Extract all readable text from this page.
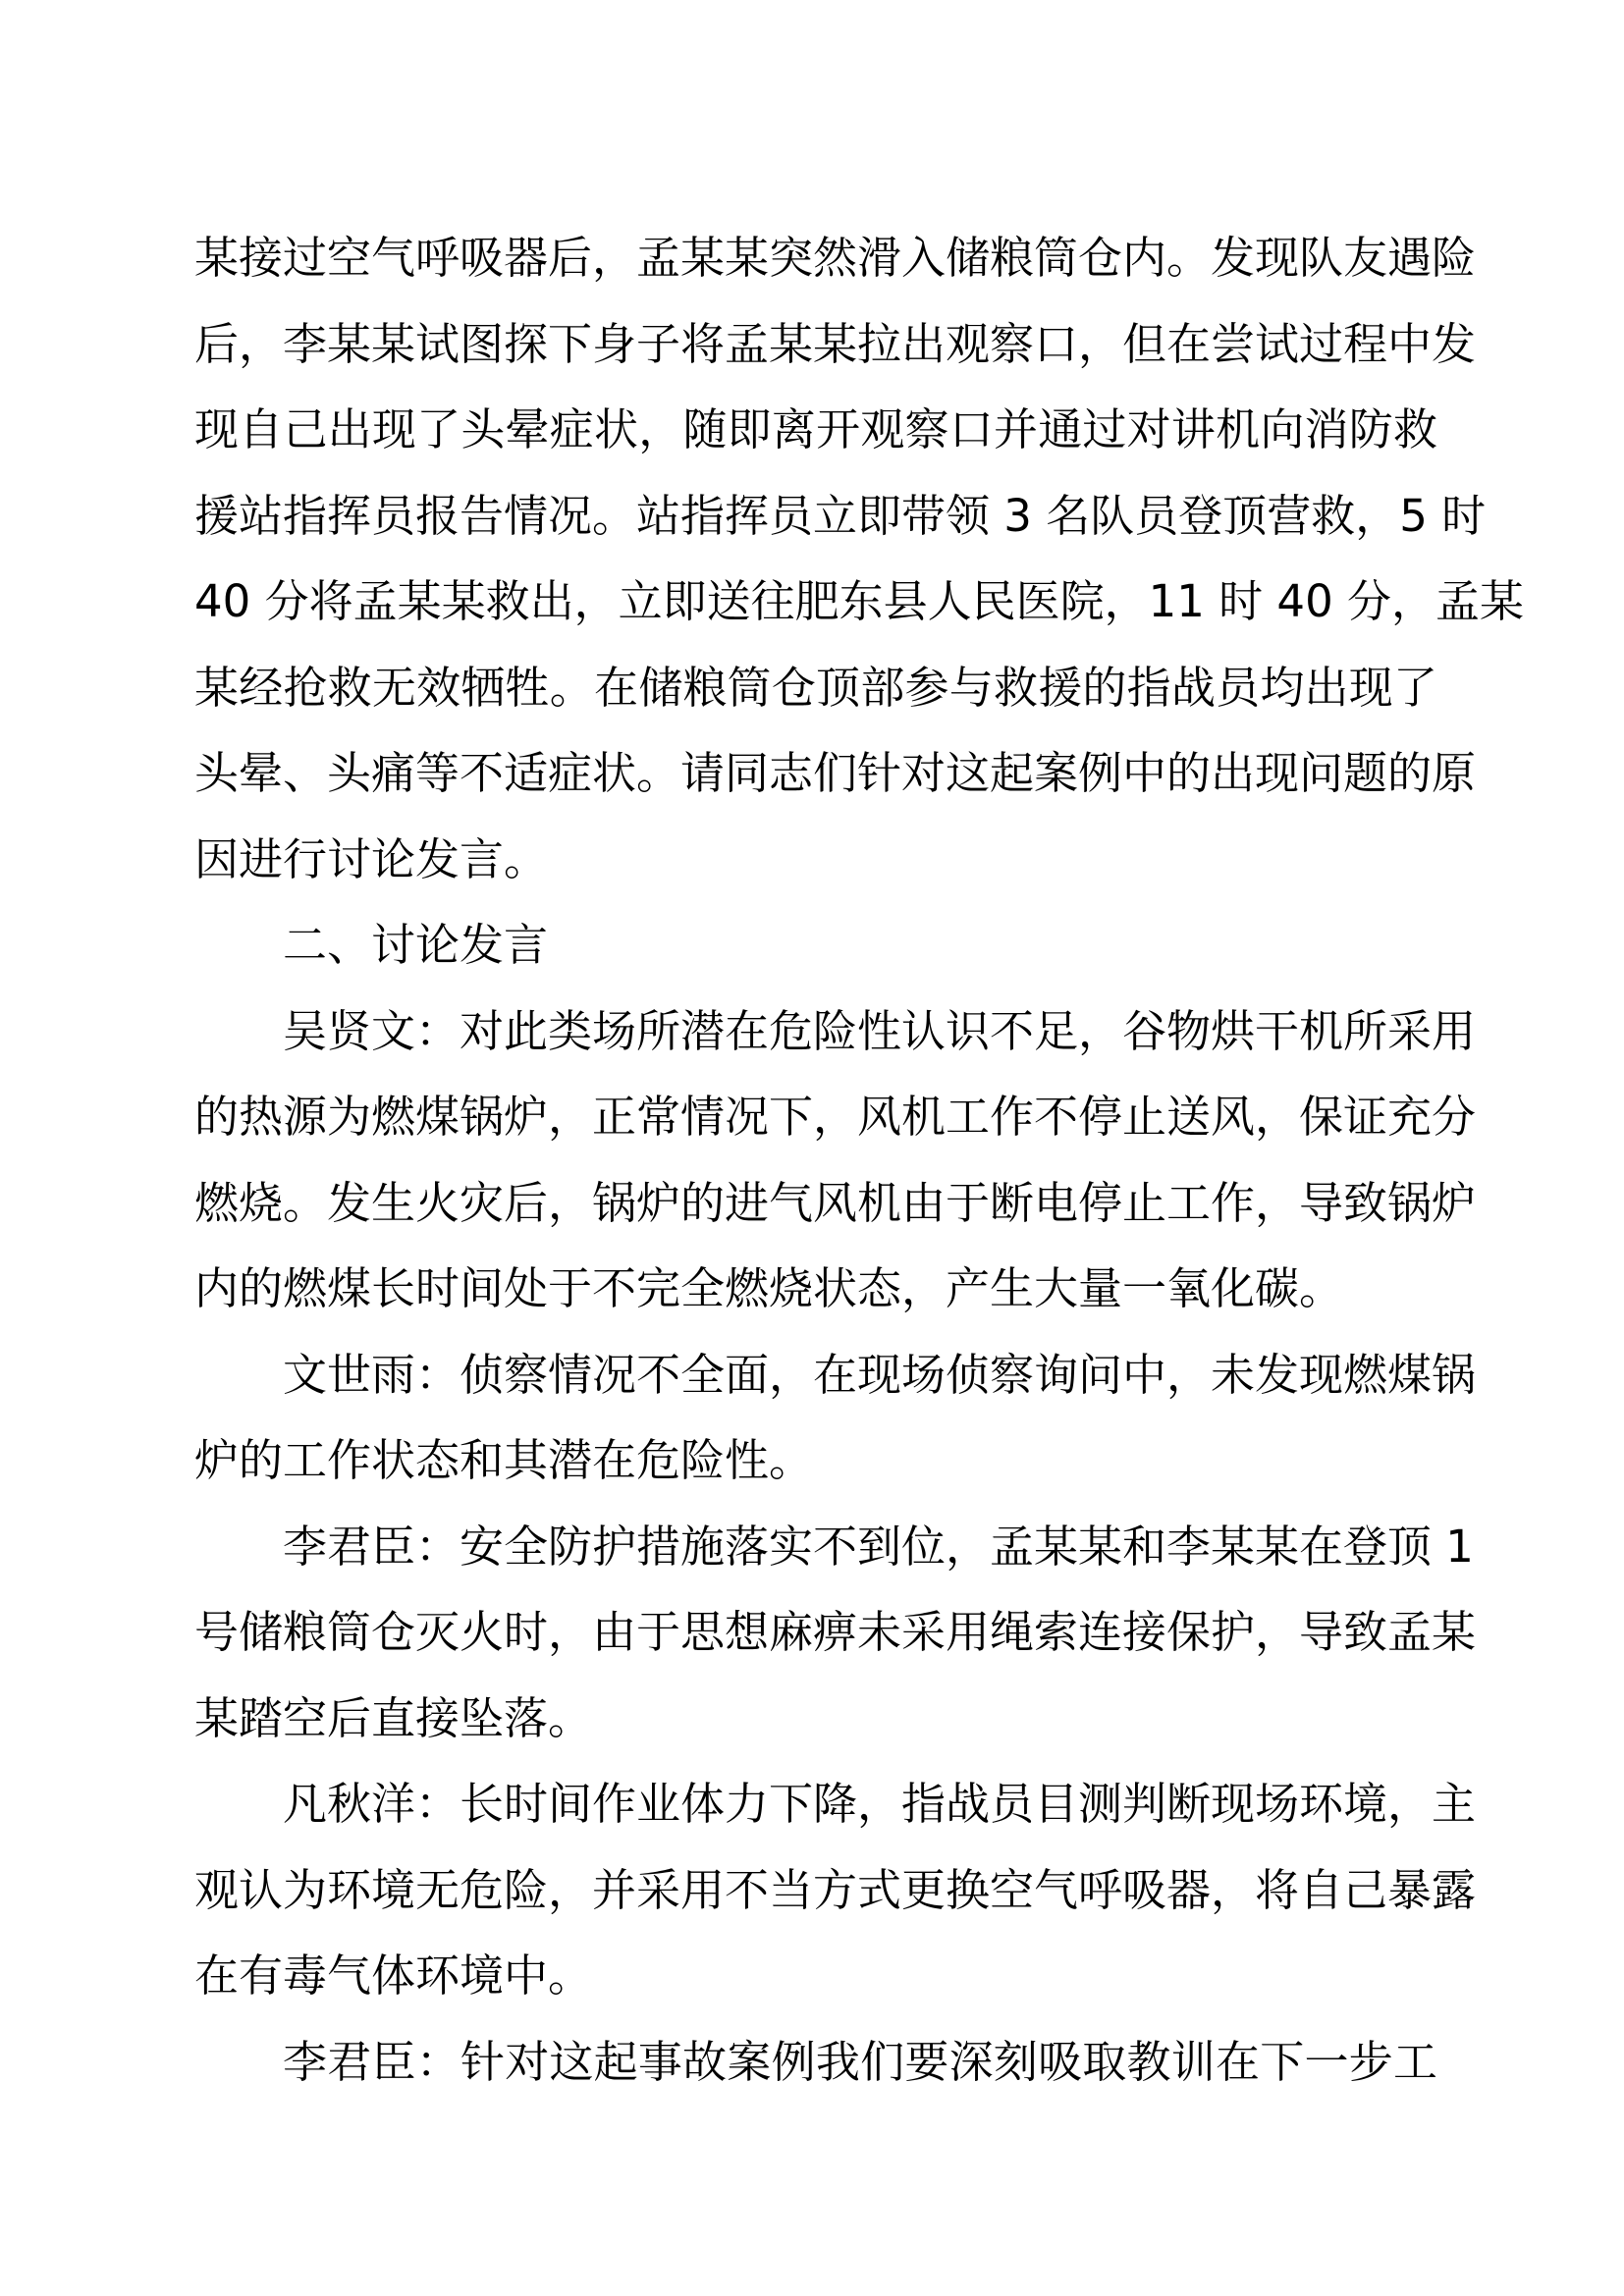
某接过空气呼吸器后，孟某某突然滑入储粮筒仓内。发现队友遇险
后，李某某试图探下身子将孟某某拉出观察口，但在尝试过程中发
现自己出现了头晕症状，随即离开观察口并通过对讲机向消防救
援站指挥员报告情况。站指挥员立即带领 3 名队员登顶营救，5 时
40 分将孟某某救出，立即送往肥东县人民医院，11 时 40 分，孟某
某经抢救无效牺牲。在储粮筒仓顶部参与救援的指战员均出现了
头晕、头痛等不适症状。请同志们针对这起案例中的出现问题的原
因进行讨论发言。
二、讨论发言
吴贤文：对此类场所潜在危险性认识不足，谷物烘干机所采用
的热源为燃煤锅炉，正常情况下，风机工作不停止送风，保证充分
燃烧。发生火灾后，锅炉的进气风机由于断电停止工作，导致锅炉
内的燃煤长时间处于不完全燃烧状态，产生大量一氧化碳。
文世雨：侦察情况不全面，在现场侦察询问中，未发现燃煤锅
炉的工作状态和其潜在危险性。
李君臣：安全防护措施落实不到位，孟某某和李某某在登顶 1
号储粮筒仓灭火时，由于思想麻痹未采用绳索连接保护，导致孟某
某踏空后直接坠落。
凡秋洋：长时间作业体力下降，指战员目测判断现场环境，主
观认为环境无危险，并采用不当方式更换空气呼吸器，将自己暴露
在有毒气体环境中。
李君臣：针对这起事故案例我们要深刻吸取教训在下一步工
